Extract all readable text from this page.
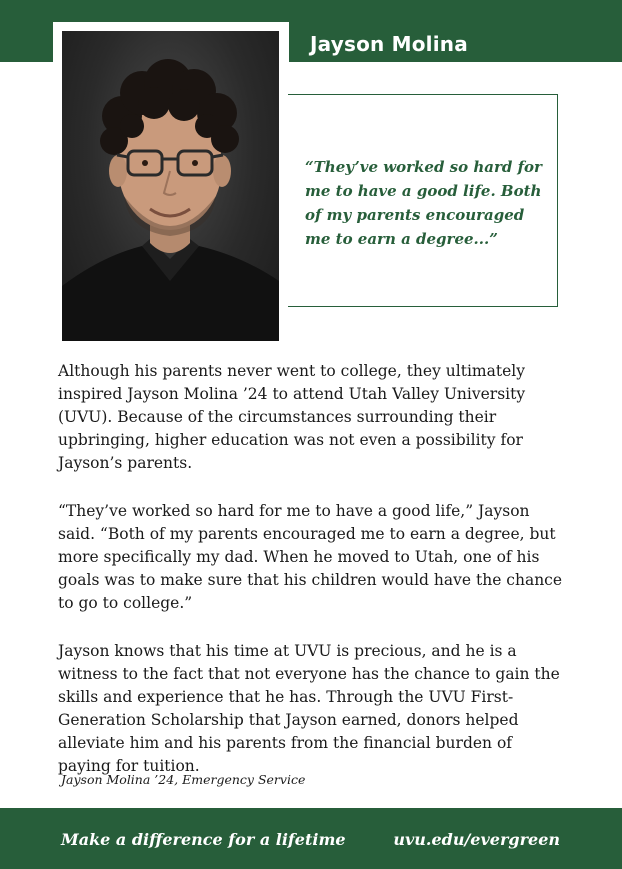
Jayson Molina
“They’ve worked so hard for me to have a good life. Both of my parents encouraged me to earn a degree...”
Although his parents never went to college, they ultimately inspired Jayson Molina ’24 to attend Utah Valley University (UVU). Because of the circumstances surrounding their upbringing, higher education was not even a possibility for Jayson’s parents.
“They’ve worked so hard for me to have a good life,” Jayson said. “Both of my parents encouraged me to earn a degree, but more specifically my dad. When he moved to Utah, one of his goals was to make sure that his children would have the chance to go to college.”
Jayson knows that his time at UVU is precious, and he is a witness to the fact that not everyone has the chance to gain the skills and experience that he has. Through the UVU First-Generation Scholarship that Jayson earned, donors helped alleviate him and his parents from the financial burden of paying for tuition.
Jayson Molina ’24, Emergency Service
Make a difference for a lifetime	uvu.edu/evergreen
